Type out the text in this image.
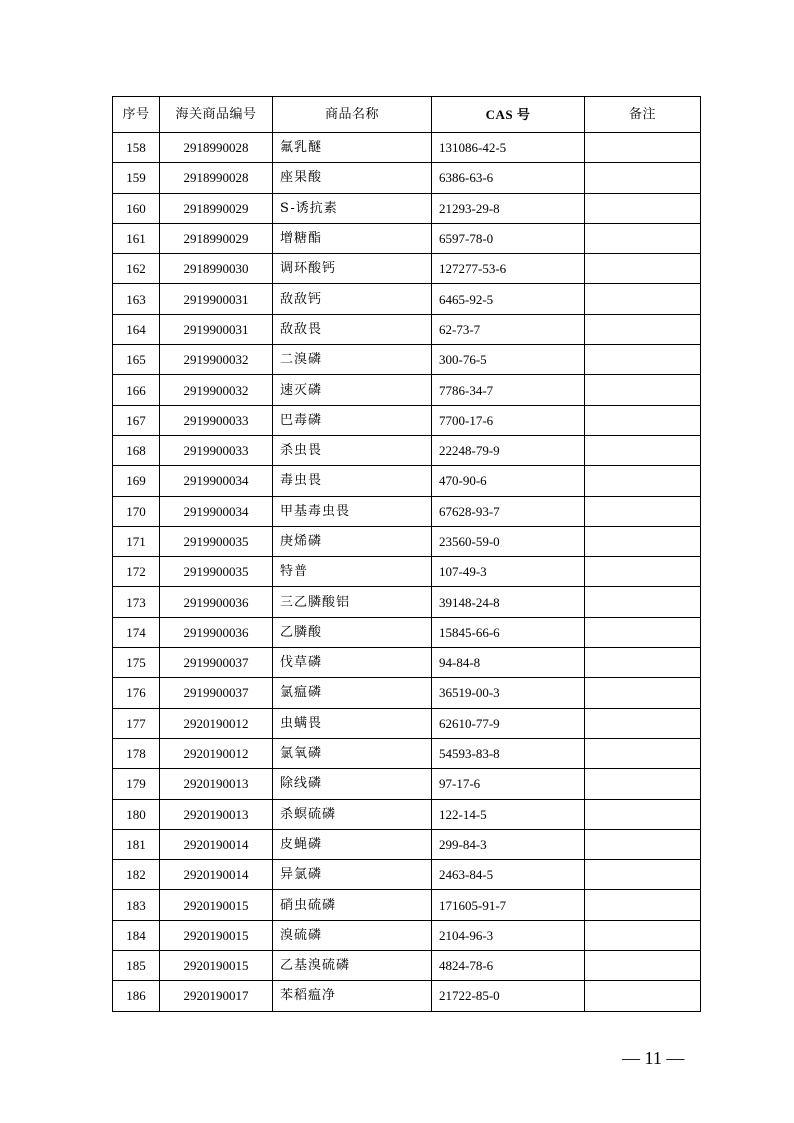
序号	海关商品编号	商品名称	CAS 号	备注
158	2918990028	氟乳醚	131086-42-5	
159	2918990028	座果酸	6386-63-6	
160	2918990029	S-诱抗素	21293-29-8	
161	2918990029	增糖酯	6597-78-0	
162	2918990030	调环酸钙	127277-53-6	
163	2919900031	敌敌钙	6465-92-5	
164	2919900031	敌敌畏	62-73-7	
165	2919900032	二溴磷	300-76-5	
166	2919900032	速灭磷	7786-34-7	
167	2919900033	巴毒磷	7700-17-6	
168	2919900033	杀虫畏	22248-79-9	
169	2919900034	毒虫畏	470-90-6	
170	2919900034	甲基毒虫畏	67628-93-7	
171	2919900035	庚烯磷	23560-59-0	
172	2919900035	特普	107-49-3	
173	2919900036	三乙膦酸铝	39148-24-8	
174	2919900036	乙膦酸	15845-66-6	
175	2919900037	伐草磷	94-84-8	
176	2919900037	氯瘟磷	36519-00-3	
177	2920190012	虫螨畏	62610-77-9	
178	2920190012	氯氧磷	54593-83-8	
179	2920190013	除线磷	97-17-6	
180	2920190013	杀螟硫磷	122-14-5	
181	2920190014	皮蝇磷	299-84-3	
182	2920190014	异氯磷	2463-84-5	
183	2920190015	硝虫硫磷	171605-91-7	
184	2920190015	溴硫磷	2104-96-3	
185	2920190015	乙基溴硫磷	4824-78-6	
186	2920190017	苯稻瘟净	21722-85-0	
— 11 —
